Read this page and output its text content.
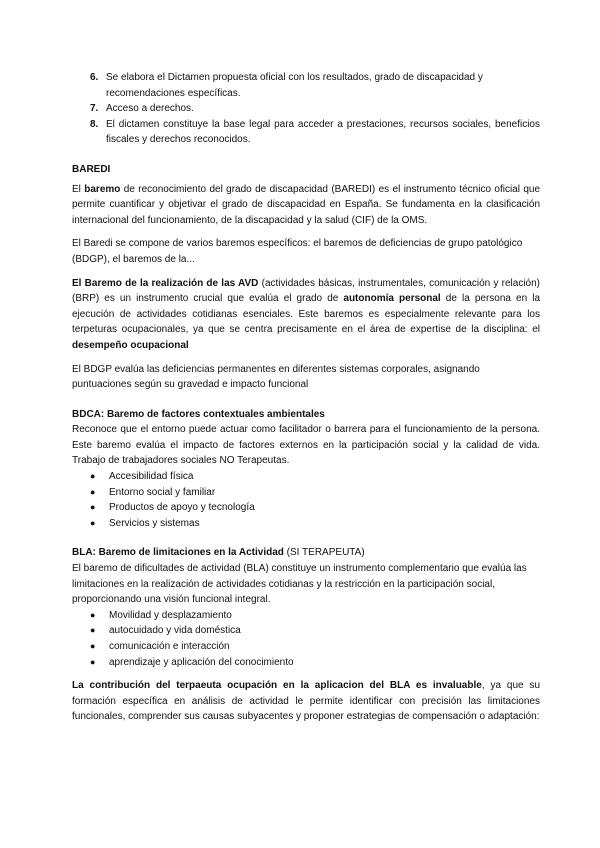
6. Se elabora el Dictamen propuesta oficial con los resultados, grado de discapacidad y recomendaciones específicas.
7. Acceso a derechos.
8. El dictamen constituye la base legal para acceder a prestaciones, recursos sociales, beneficios fiscales y derechos reconocidos.

BAREDI

El baremo de reconocimiento del grado de discapacidad (BAREDI) es el instrumento técnico oficial que permite cuantificar y objetivar el grado de discapacidad en España. Se fundamenta en la clasificación internacional del funcionamiento, de la discapacidad y la salud (CIF) de la OMS.

El Baredi se compone de varios baremos específicos: el baremos de deficiencias de grupo patológico (BDGP), el baremos de la...

El Baremo de la realización de las AVD (actividades básicas, instrumentales, comunicación y relación) (BRP) es un instrumento crucial que evalúa el grado de autonomía personal de la persona en la ejecución de actividades cotidianas esenciales. Este baremos es especialmente relevante para los terpeturas ocupacionales, ya que se centra precisamente en el área de expertise de la disciplina: el desempeño ocupacional

El BDGP evalúa las deficiencias permanentes en diferentes sistemas corporales, asignando puntuaciones según su gravedad e impacto funcional

BDCA: Baremo de factores contextuales ambientales

Reconoce que el entorno puede actuar como facilitador o barrera para el funcionamiento de la persona. Este baremo evalúa el impacto de factores externos en la participación social y la calidad de vida. Trabajo de trabajadores sociales NO Terapeutas.

● Accesibilidad física
● Entorno social y familiar
● Productos de apoyo y tecnología
● Servicios y sistemas

BLA: Baremo de limitaciones en la Actividad (SI TERAPEUTA)

El baremo de dificultades de actividad (BLA) constituye un instrumento complementario que evalúa las limitaciones en la realización de actividades cotidianas y la restricción en la participación social, proporcionando una visión funcional integral.

● Movilidad y desplazamiento
● autocuidado y vida doméstica
● comunicación e interacción
● aprendizaje y aplicación del conocimiento

La contribución del terpaeuta ocupación en la aplicacion del BLA es invaluable, ya que su formación específica en análisis de actividad le permite identificar con precisión las limitaciones funcionales, comprender sus causas subyacentes y proponer estrategias de compensación o adaptación:
